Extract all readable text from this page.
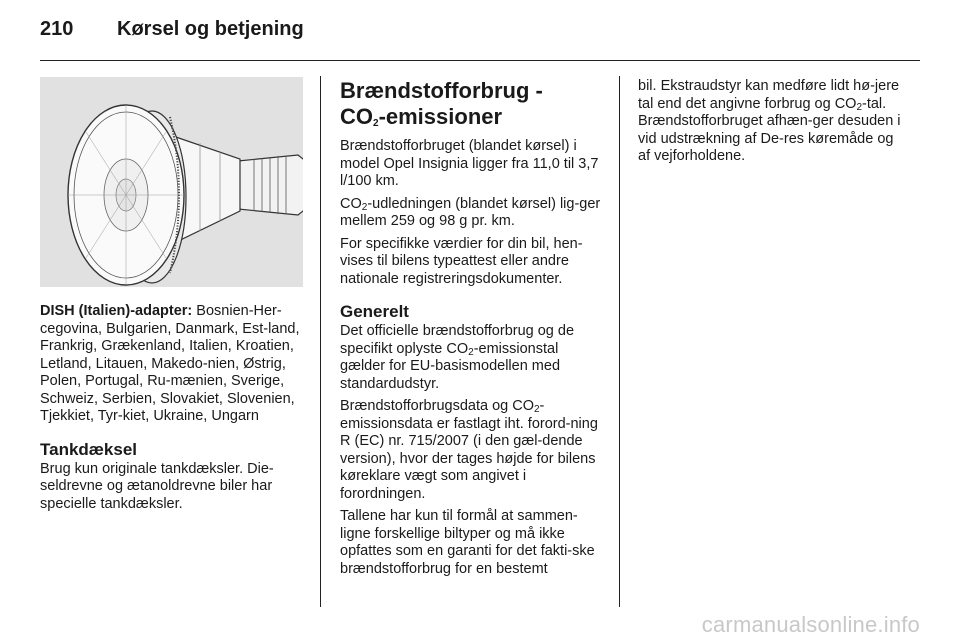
210 Kørsel og betjening

DISH (Italien)-adapter: Bosnien-Her-cegovina, Bulgarien, Danmark, Est-land, Frankrig, Grækenland, Italien, Kroatien, Letland, Litauen, Makedo-nien, Østrig, Polen, Portugal, Ru-mænien, Sverige, Schweiz, Serbien, Slovakiet, Slovenien, Tjekkiet, Tyr-kiet, Ukraine, Ungarn

Tankdæksel

Brug kun originale tankdæksler. Die-seldrevne og ætanoldrevne biler har specielle tankdæksler.

Brændstofforbrug -
$CO_2$-emissioner

Brændstofforbruget (blandet kørsel) i model Opel Insignia ligger fra 11,0 til 3,7 l/100 km.

$CO_2$-udledningen (blandet kørsel) lig-ger mellem 259 og 98 g pr. km.

For specifikke værdier for din bil, hen-vises til bilens typeattest eller andre nationale registreringsdokumenter.

Generelt

Det officielle brændstofforbrug og de specifikt oplyste $CO_2$-emissionstal gælder for EU-basismodellen med standardudstyr.

Brændstofforbrugsdata og $CO_2$-emissionsdata er fastlagt iht. forord-ning R (EC) nr. 715/2007 (i den gæl-dende version), hvor der tages højde for bilens køreklare vægt som angivet i forordningen.

Tallene har kun til formål at sammen-ligne forskellige biltyper og må ikke opfattes som en garanti for det fakti-ske brændstofforbrug for en bestemt

bil. Ekstraudstyr kan medføre lidt hø-jere tal end det angivne forbrug og $CO_2$-tal. Brændstofforbruget afhæn-ger desuden i vid udstrækning af De-res køremåde og af vejforholdene.

carmanualsonline.info
